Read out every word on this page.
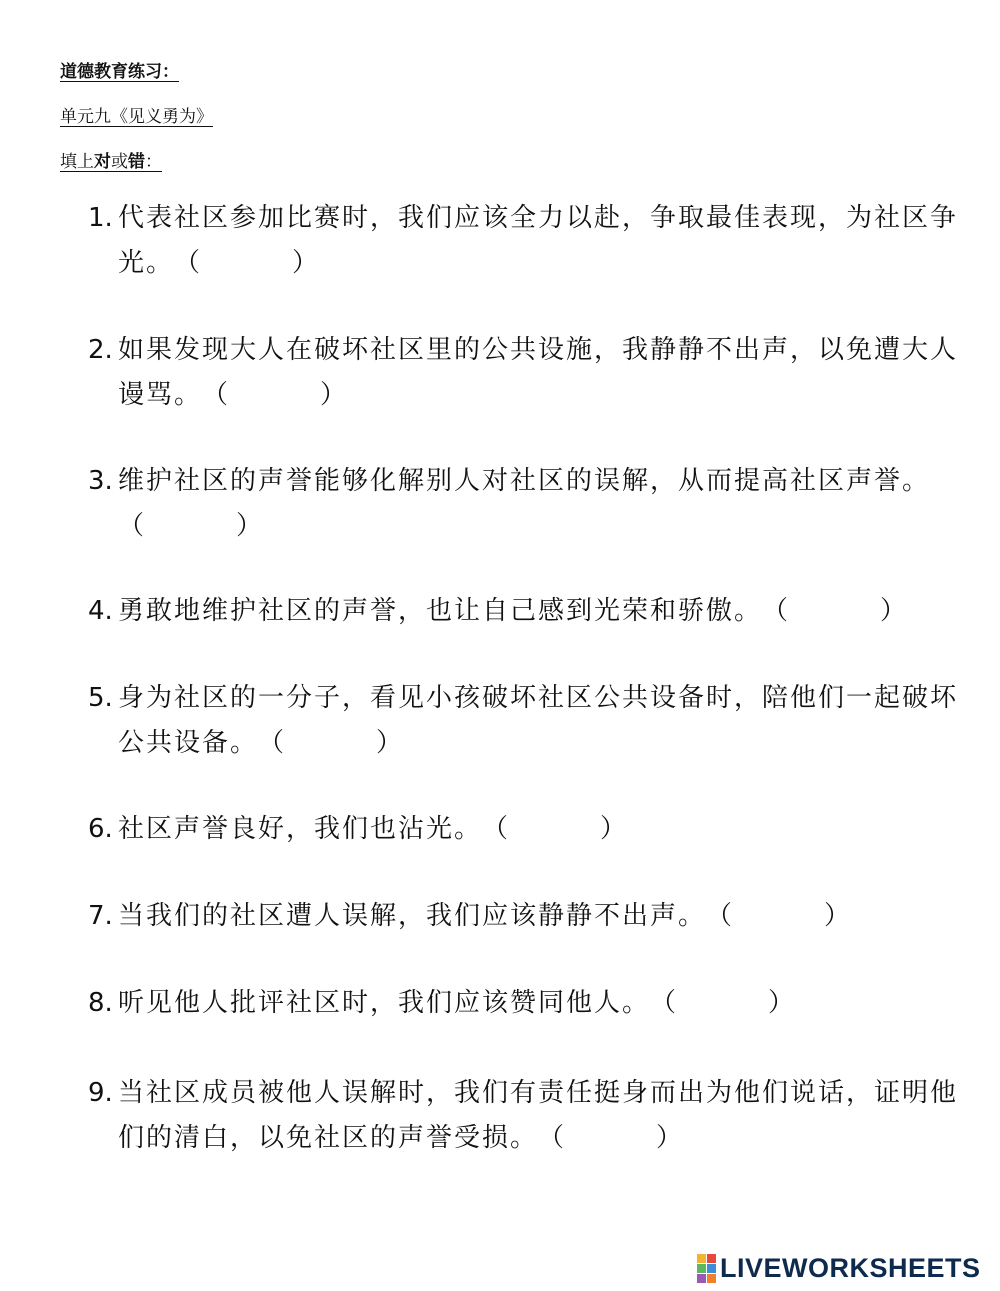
道德教育练习：
单元九《见义勇为》
填上对或错：
1. 代表社区参加比赛时，我们应该全力以赴，争取最佳表现，为社区争光。（	）
2. 如果发现大人在破坏社区里的公共设施，我静静不出声，以免遭大人谩骂。（	）
3. 维护社区的声誉能够化解别人对社区的误解，从而提高社区声誉。（	）
4. 勇敢地维护社区的声誉，也让自己感到光荣和骄傲。（	）
5. 身为社区的一分子，看见小孩破坏社区公共设备时，陪他们一起破坏公共设备。（	）
6. 社区声誉良好，我们也沾光。（	）
7. 当我们的社区遭人误解，我们应该静静不出声。（	）
8. 听见他人批评社区时，我们应该赞同他人。（	）
9. 当社区成员被他人误解时，我们有责任挺身而出为他们说话，证明他们的清白，以免社区的声誉受损。（	）
LIVEWORKSHEETS
